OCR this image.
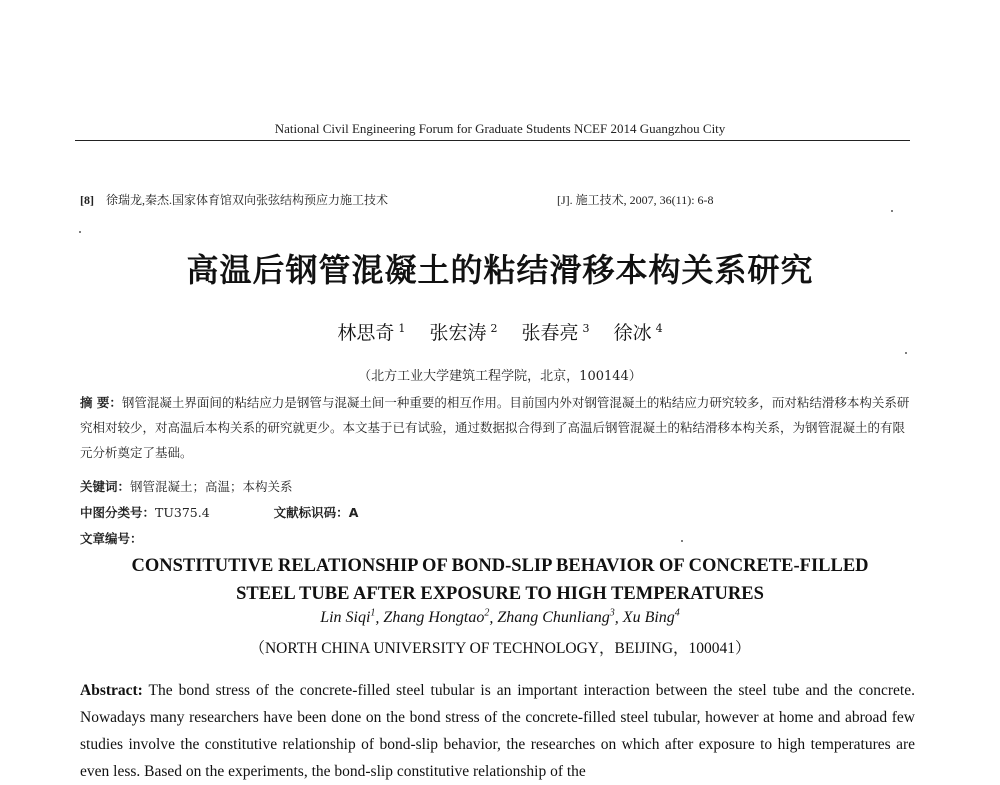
National Civil Engineering Forum for Graduate Students NCEF 2014 Guangzhou City
[8] 徐瑞龙,秦杰.国家体育馆双向张弦结构预应力施工技术	[J]. 施工技术, 2007, 36(11): 6-8
高温后钢管混凝土的粘结滑移本构关系研究
林思奇 $^1$ 张宏涛 $^2$ 张春亮 $^3$ 徐冰 $^4$
（北方工业大学建筑工程学院，北京，100144）
摘 要：钢管混凝土界面间的粘结应力是钢管与混凝土间一种重要的相互作用。目前国内外对钢管混凝土的粘结应力研究较多，而对粘结滑移本构关系研究相对较少，对高温后本构关系的研究就更少。本文基于已有试验，通过数据拟合得到了高温后钢管混凝土的粘结滑移本构关系，为钢管混凝土的有限元分析奠定了基础。
关键词：钢管混凝土；高温；本构关系
中图分类号：TU375.4	文献标识码：A
文章编号：
CONSTITUTIVE RELATIONSHIP OF BOND-SLIP BEHAVIOR OF CONCRETE-FILLED
STEEL TUBE AFTER EXPOSURE TO HIGH TEMPERATURES
Lin Siqi$^1$, Zhang Hongtao$^2$, Zhang Chunliang$^3$, Xu Bing$^4$
（NORTH CHINA UNIVERSITY OF TECHNOLOGY，BEIJING，100041）
Abstract: The bond stress of the concrete-filled steel tubular is an important interaction between the steel tube and the concrete. Nowadays many researchers have been done on the bond stress of the concrete-filled steel tubular, however at home and abroad few studies involve the constitutive relationship of bond-slip behavior, the researches on which after exposure to high temperatures are even less. Based on the experiments, the bond-slip constitutive relationship of the
